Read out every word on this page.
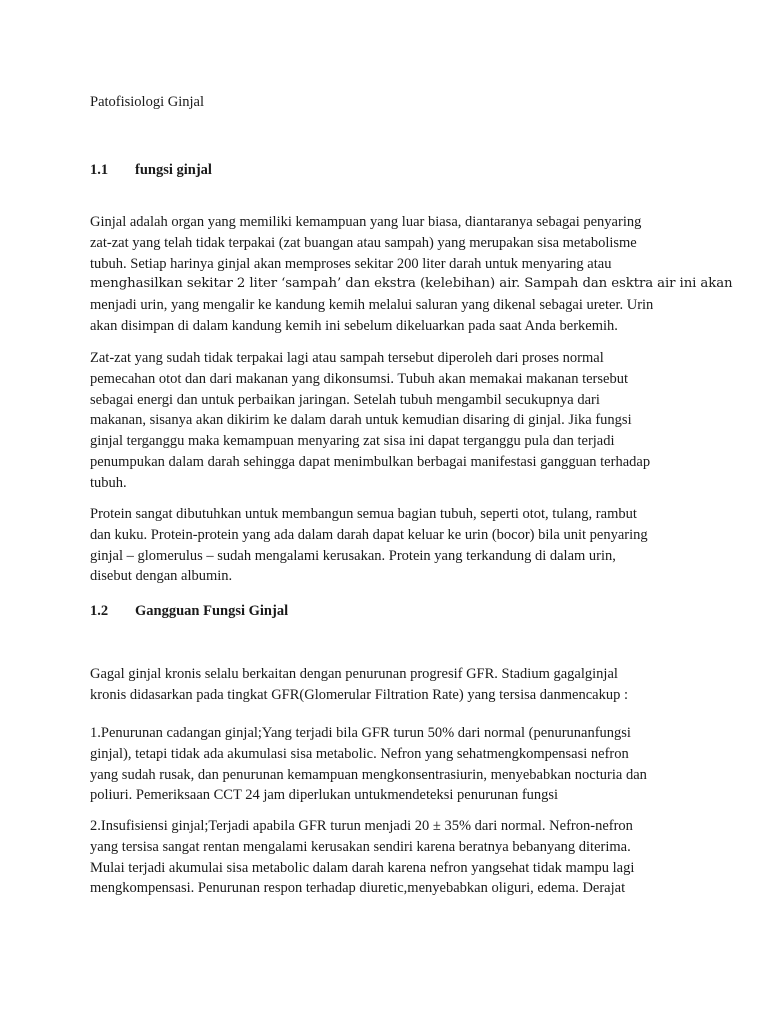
Patofisiologi Ginjal

1.1 fungsi ginjal

Ginjal adalah organ yang memiliki kemampuan yang luar biasa, diantaranya sebagai penyaring
zat-zat yang telah tidak terpakai (zat buangan atau sampah) yang merupakan sisa metabolisme
tubuh. Setiap harinya ginjal akan memproses sekitar 200 liter darah untuk menyaring atau
menghasilkan sekitar 2 liter ‘sampah’ dan ekstra (kelebihan) air. Sampah dan esktra air ini akan
menjadi urin, yang mengalir ke kandung kemih melalui saluran yang dikenal sebagai ureter. Urin
akan disimpan di dalam kandung kemih ini sebelum dikeluarkan pada saat Anda berkemih.

Zat-zat yang sudah tidak terpakai lagi atau sampah tersebut diperoleh dari proses normal
pemecahan otot dan dari makanan yang dikonsumsi. Tubuh akan memakai makanan tersebut
sebagai energi dan untuk perbaikan jaringan. Setelah tubuh mengambil secukupnya dari
makanan, sisanya akan dikirim ke dalam darah untuk kemudian disaring di ginjal. Jika fungsi
ginjal terganggu maka kemampuan menyaring zat sisa ini dapat terganggu pula dan terjadi
penumpukan dalam darah sehingga dapat menimbulkan berbagai manifestasi gangguan terhadap
tubuh.

Protein sangat dibutuhkan untuk membangun semua bagian tubuh, seperti otot, tulang, rambut
dan kuku. Protein-protein yang ada dalam darah dapat keluar ke urin (bocor) bila unit penyaring
ginjal – glomerulus – sudah mengalami kerusakan. Protein yang terkandung di dalam urin,
disebut dengan albumin.

1.2 Gangguan Fungsi Ginjal

Gagal ginjal kronis selalu berkaitan dengan penurunan progresif GFR. Stadium gagalginjal
kronis didasarkan pada tingkat GFR(Glomerular Filtration Rate) yang tersisa danmencakup :

1.Penurunan cadangan ginjal;Yang terjadi bila GFR turun 50% dari normal (penurunanfungsi
ginjal), tetapi tidak ada akumulasi sisa metabolic. Nefron yang sehatmengkompensasi nefron
yang sudah rusak, dan penurunan kemampuan mengkonsentrasiurin, menyebabkan nocturia dan
poliuri. Pemeriksaan CCT 24 jam diperlukan untukmendeteksi penurunan fungsi

2.Insufisiensi ginjal;Terjadi apabila GFR turun menjadi 20 ± 35% dari normal. Nefron-nefron
yang tersisa sangat rentan mengalami kerusakan sendiri karena beratnya bebanyang diterima.
Mulai terjadi akumulai sisa metabolic dalam darah karena nefron yangsehat tidak mampu lagi
mengkompensasi. Penurunan respon terhadap diuretic,menyebabkan oliguri, edema. Derajat
